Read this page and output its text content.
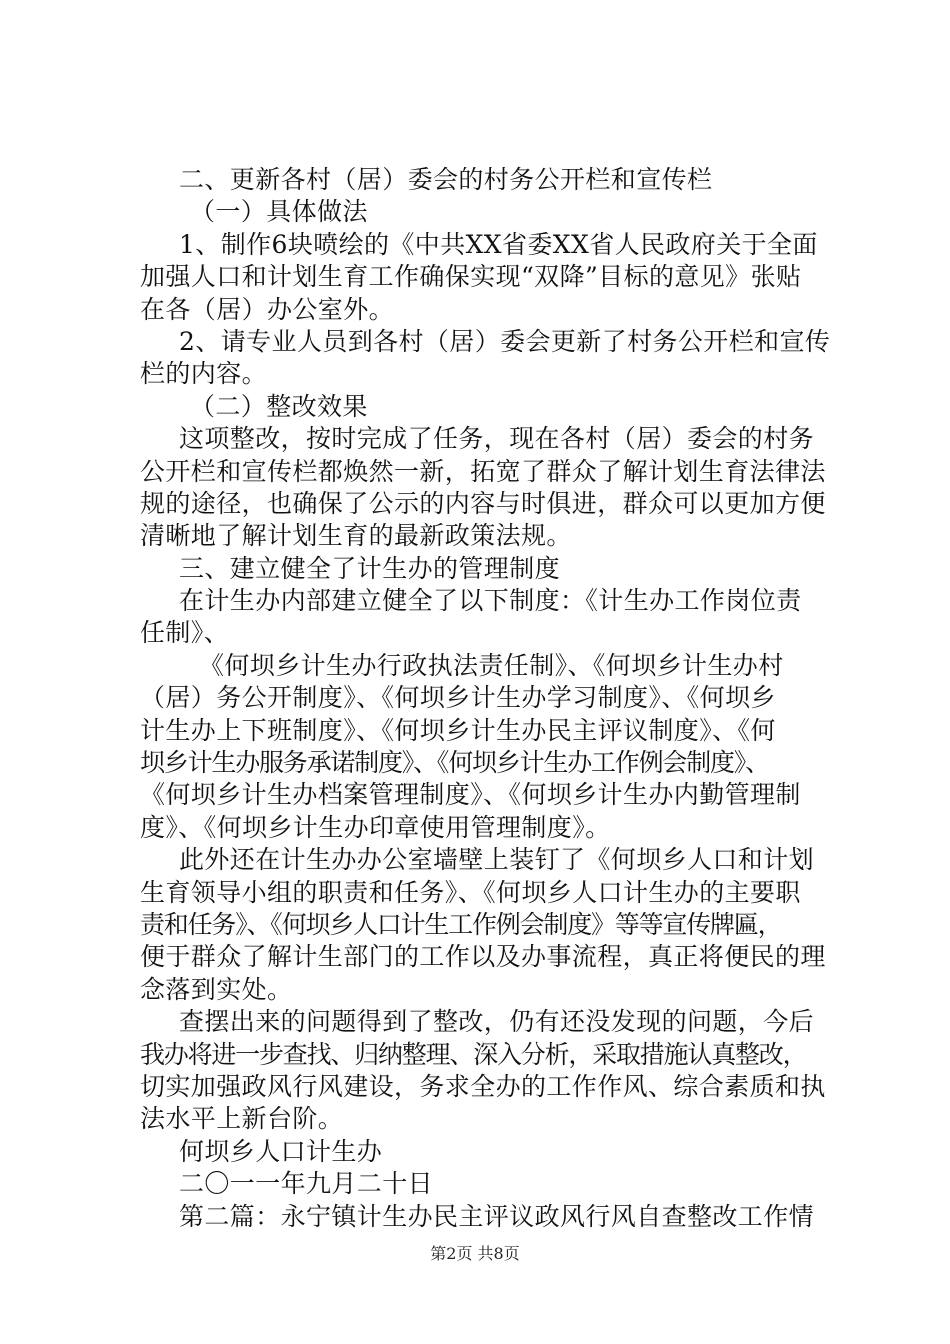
二、更新各村（居）委会的村务公开栏和宣传栏
（一）具体做法
1、制作6块喷绘的《中共XX省委XX省人民政府关于全面
加强人口和计划生育工作确保实现“双降”目标的意见》张贴
在各（居）办公室外。
2、请专业人员到各村（居）委会更新了村务公开栏和宣传
栏的内容。
（二）整改效果
这项整改，按时完成了任务，现在各村（居）委会的村务
公开栏和宣传栏都焕然一新，拓宽了群众了解计划生育法律法
规的途径，也确保了公示的内容与时俱进，群众可以更加方便
清晰地了解计划生育的最新政策法规。
三、建立健全了计生办的管理制度
在计生办内部建立健全了以下制度：《计生办工作岗位责
任制》、
《何坝乡计生办行政执法责任制》、《何坝乡计生办村
（居）务公开制度》、《何坝乡计生办学习制度》、《何坝乡
计生办上下班制度》、《何坝乡计生办民主评议制度》、《何
坝乡计生办服务承诺制度》、《何坝乡计生办工作例会制度》、
《何坝乡计生办档案管理制度》、《何坝乡计生办内勤管理制
度》、《何坝乡计生办印章使用管理制度》。
此外还在计生办办公室墙壁上装钉了《何坝乡人口和计划
生育领导小组的职责和任务》、《何坝乡人口计生办的主要职
责和任务》、《何坝乡人口计生工作例会制度》等等宣传牌匾，
便于群众了解计生部门的工作以及办事流程，真正将便民的理
念落到实处。
查摆出来的问题得到了整改，仍有还没发现的问题，今后
我办将进一步查找、归纳整理、深入分析，采取措施认真整改，
切实加强政风行风建设，务求全办的工作作风、综合素质和执
法水平上新台阶。
何坝乡人口计生办
二〇一一年九月二十日
第二篇：永宁镇计生办民主评议政风行风自查整改工作情
第2页 共8页
